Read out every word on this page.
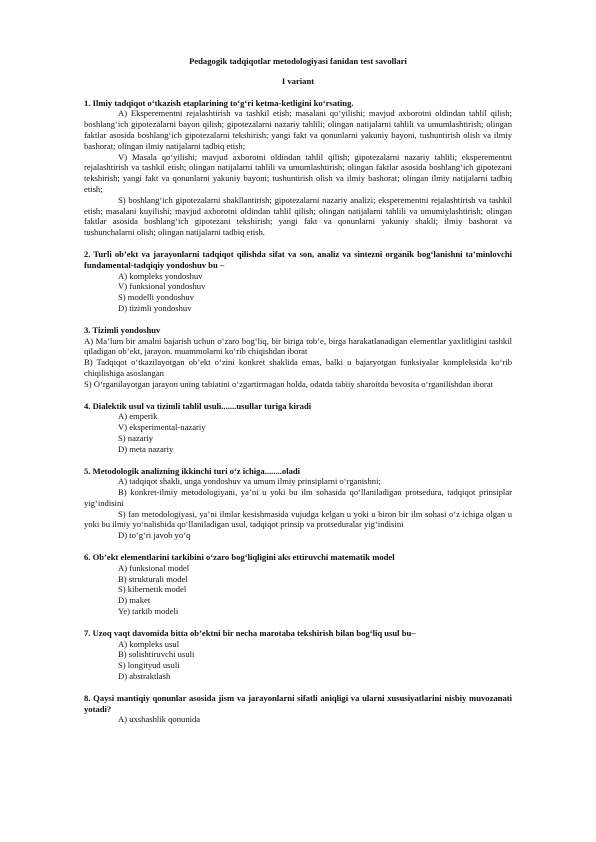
Pedagogik tadqiqotlar metodologiyasi fanidan test savollari

I variant

1. Ilmiy tadqiqot o‘tkazish etaplarining to‘g‘ri ketma-ketligini ko‘rsating.

A) Eksperementni rejalashtirish va tashkil etish; masalani qo‘yilishi; mavjud axborotni oldindan tahlil qilish; boshlang‘ich gipotezalarni bayon qilish; gipotezalarni nazariy tahlili; olingan natijalarni tahlili va umumlashtirish; olingan faktlar asosida boshlang‘ich gipotezalarni tekshirish; yangi fakt va qonunlarni yakuniy bayoni, tushuntirish olish va ilmiy bashorat; olingan ilmiy natijalarni tadbiq etish;

V) Masala qo‘yilishi; mavjud axborotni oldindan tahlil qilish; gipotezalarni nazariy tahlili; eksperementni rejalashtirish va tashkil etish; olingan natijalarni tahlili va umumlashtirish; olingan faktlar asosida boshlang‘ich gipotezani tekshirish; yangi fakt va qonunlarni yakuniy bayoni; tushuntirish olish va ilmiy bashorat; olingan ilmiy natijalarni tadbiq etish;

S) boshlang‘ich gipotezalarni shakllantirish; gipotezalarni nazariy analizi; eksperementni rejalashtirish va tashkil etish; masalani kuyilishi; mavjud axborotni oldindan tahlil qilish; olingan natijalarni tahlili va umumiylashtirish; olingan faktlar asosida boshlang‘ich gipotezani tekshirish; yangi fakt va qonunlarni yakuniy shakli; ilmiy bashorat va tushunchalarni olish; olingan natijalarni tadbiq etish.

2. Turli ob’ekt va jarayonlarni tadqiqot qilishda sifat va son, analiz va sintezni organik bog‘lanishni ta’minlovchi fundamental-tadqiqiy yondoshuv bu –

A) kompleks yondoshuv

V) funksional yondoshuv

S) modelli yondoshuv

D) tizimli yondoshuv

3. Tizimli yondoshuv

A) Ma’lum bir amalni bajarish uchun o‘zaro bog‘liq, bir biriga tob’e, birga harakatlanadigan elementlar yaxlitligini tashkil qiladigan ob’ekt, jarayon. muammolarni ko‘rib chiqishdan iborat

B) Tadqiqot o‘tkazilayotgan ob’ekt o‘zini konkret shaklida emas, balki u bajaryotgan funksiyalar kompleksida ko‘rib chiqilishiga asoslangan

S) O‘rganilayotgan jarayon uning tabiatini o‘zgartirmagan holda, odatda tabiiy sharoitda bevosita o‘rganilishdan iborat

4. Dialektik usul va tizimli tahlil usuli.......usullar turiga kiradi

A) emperik

V) eksperimental-nazariy

S) nazariy

D) meta nazariy

5. Metodologik analizning ikkinchi turi o‘z ichiga........oladi

A) tadqiqot shakli, unga yondoshuv va umum ilmiy prinsiplarni o‘rganishni;

B) konkret-ilmiy metodologiyani, ya’ni u yoki bu ilm sohasida qo‘llaniladigan protsedura, tadqiqot prinsiplar yig‘indisini

S) fan metodologiyasi, ya’ni ilmlar kesishmasida vujudga kelgan u yoki u biron bir ilm sohasi o‘z ichiga olgan u yoki bu ilmiy yo‘nalishida qo‘llaniladigan usul, tadqiqot prinsip va protseduralar yig‘indisini

D) to‘g‘ri javob yo‘q

6. Ob’ekt elementlarini tarkibini o‘zaro bog‘liqligini aks ettiruvchi matematik model

A) funksional model

B) strukturali model

S) kibernetik model

D) maket

Ye) tarkib modeli

7. Uzoq vaqt davomida bitta ob’ektni bir necha marotaba tekshirish bilan bog‘liq usul bu–

A) kompleks usul

B) solishtiruvchi usuli

S) longityud usuli

D) abstraktlash

8. Qaysi mantiqiy qonunlar asosida jism va jarayonlarni sifatli aniqligi va ularni xususiyatlarini nisbiy muvozanati yotadi?

A) uxshashlik qonunida
